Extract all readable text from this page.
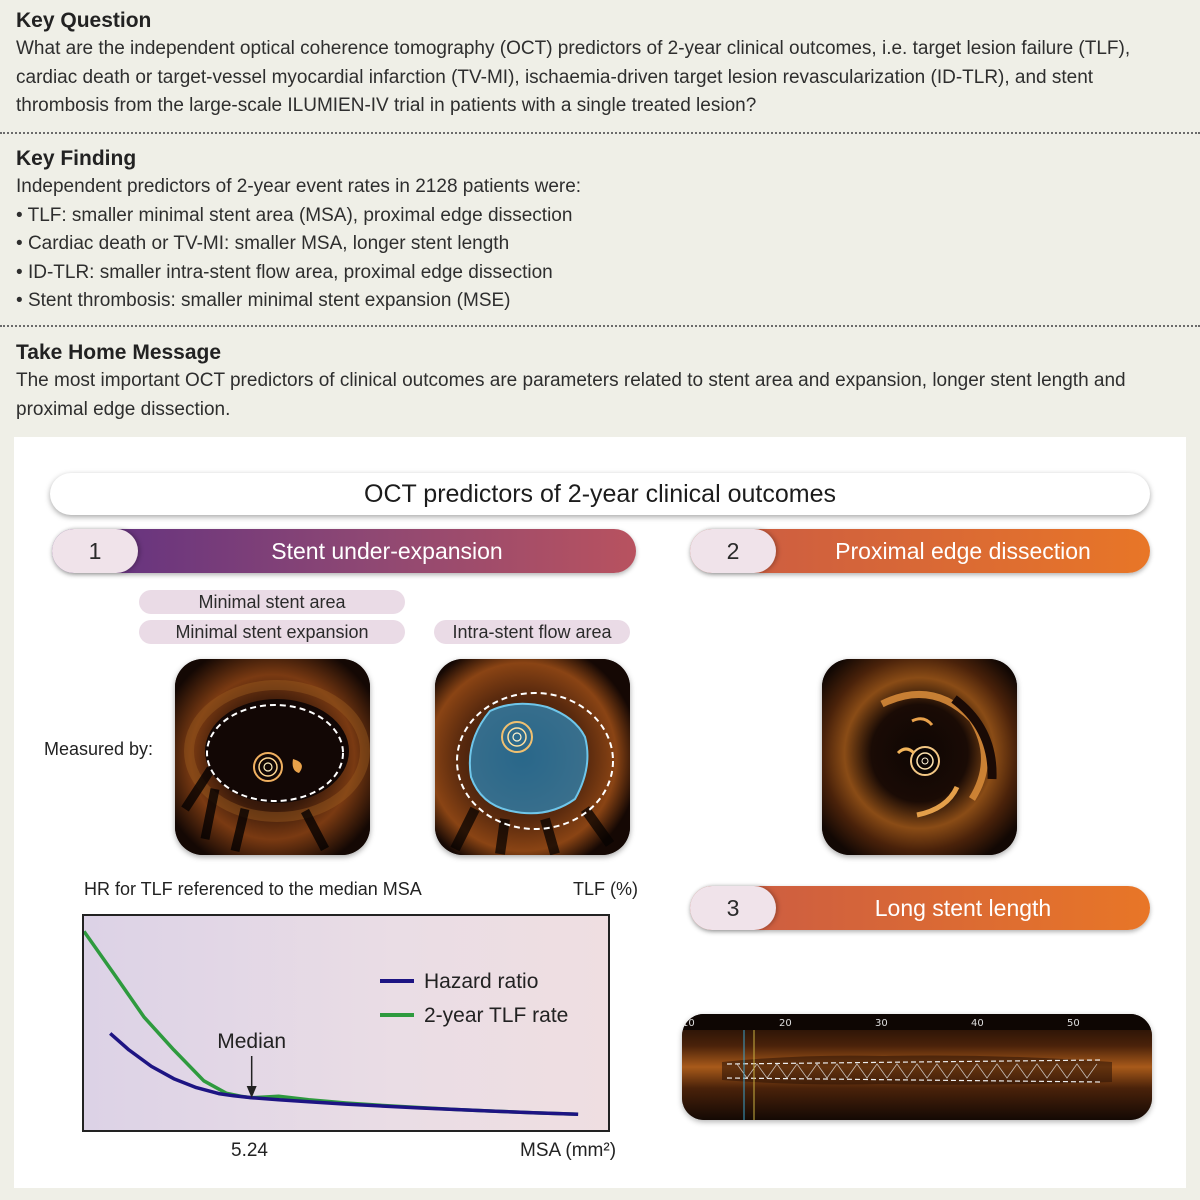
Key Question

What are the independent optical coherence tomography (OCT) predictors of 2-year clinical outcomes, i.e. target lesion failure (TLF), cardiac death or target-vessel myocardial infarction (TV-MI), ischaemia-driven target lesion revascularization (ID-TLR), and stent thrombosis from the large-scale ILUMIEN-IV trial in patients with a single treated lesion?

Key Finding

Independent predictors of 2-year event rates in 2128 patients were:

• TLF: smaller minimal stent area (MSA), proximal edge dissection
• Cardiac death or TV-MI: smaller MSA, longer stent length
• ID-TLR: smaller intra-stent flow area, proximal edge dissection
• Stent thrombosis: smaller minimal stent expansion (MSE)
Take Home Message

The most important OCT predictors of clinical outcomes are parameters related to stent area and expansion, longer stent length and proximal edge dissection.

OCT predictors of 2-year clinical outcomes
1	Stent under-expansion	2	Proximal edge dissection
3	Long stent length
Minimal stent area
Minimal stent expansion	Intra-stent flow area
Measured by:
10	20	30	40	50
HR for TLF referenced to the median MSA	TLF (%)
Median
Hazard ratio
2-year TLF rate
5.24	MSA (mm²)
